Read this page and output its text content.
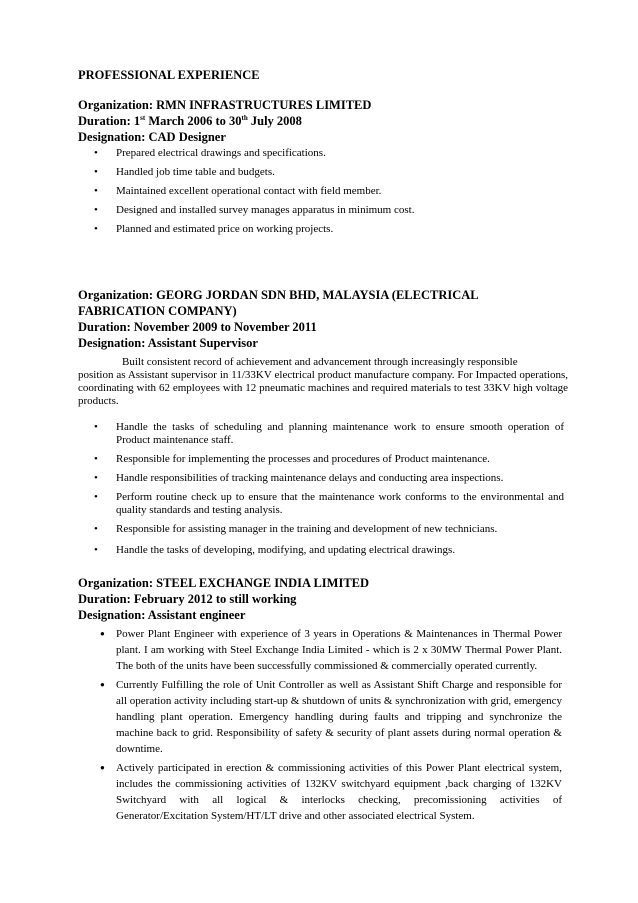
PROFESSIONAL EXPERIENCE
Organization: RMN INFRASTRUCTURES LIMITED
Duration: 1st March 2006 to 30th July 2008
Designation: CAD Designer
• Prepared electrical drawings and specifications.
• Handled job time table and budgets.
• Maintained excellent operational contact with field member.
• Designed and installed survey manages apparatus in minimum cost.
• Planned and estimated price on working projects.
Organization: GEORG JORDAN SDN BHD, MALAYSIA (ELECTRICAL
FABRICATION COMPANY)
Duration: November 2009 to November 2011
Designation: Assistant Supervisor
Built consistent record of achievement and advancement through increasingly responsible
position as Assistant supervisor in 11/33KV electrical product manufacture company. For Impacted operations, coordinating with 62 employees with 12 pneumatic machines and required materials to test 33KV high voltage products.
• Handle the tasks of scheduling and planning maintenance work to ensure smooth operation of Product maintenance staff.
• Responsible for implementing the processes and procedures of Product maintenance.
• Handle responsibilities of tracking maintenance delays and conducting area inspections.
• Perform routine check up to ensure that the maintenance work conforms to the environmental and quality standards and testing analysis.
• Responsible for assisting manager in the training and development of new technicians.
• Handle the tasks of developing, modifying, and updating electrical drawings.
Organization: STEEL EXCHANGE INDIA LIMITED
Duration: February 2012 to still working
Designation: Assistant engineer
● Power Plant Engineer with experience of 3 years in Operations & Maintenances in Thermal Power plant. I am working with Steel Exchange India Limited - which is 2 x 30MW Thermal Power Plant. The both of the units have been successfully commissioned & commercially operated currently.
● Currently Fulfilling the role of Unit Controller as well as Assistant Shift Charge and responsible for all operation activity including start-up & shutdown of units & synchronization with grid, emergency handling plant operation. Emergency handling during faults and tripping and synchronize the machine back to grid. Responsibility of safety & security of plant assets during normal operation & downtime.
● Actively participated in erection & commissioning activities of this Power Plant electrical system, includes the commissioning activities of 132KV switchyard equipment ,back charging of 132KV Switchyard with all logical & interlocks checking, precomissioning activities of Generator/Excitation System/HT/LT drive and other associated electrical System.
